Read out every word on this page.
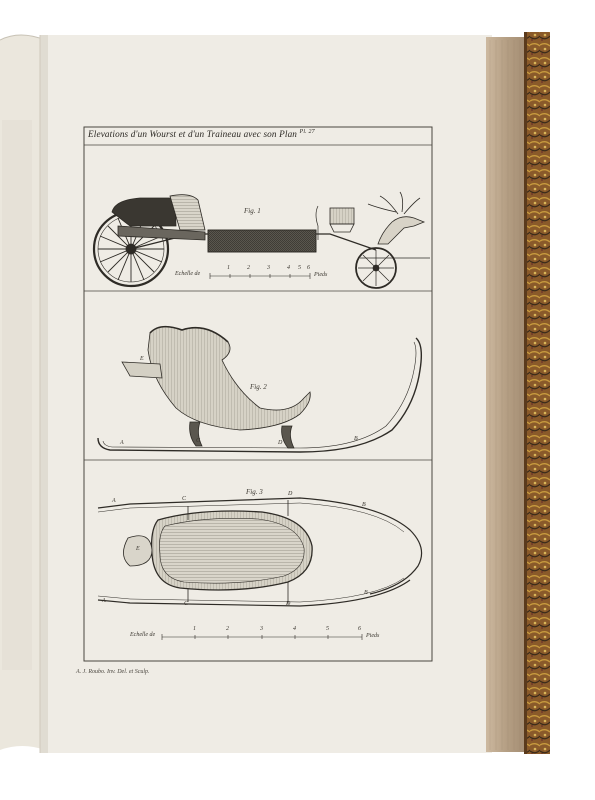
Elevations d'un Wourst et d'un Traineau avec son Plan $^{Pl. 27}$
Fig. 1
Fig. 2
Fig. 3
Echelle de	Pieds
1	2	3	4 5 6
Echelle de	Pieds
1	2	3	4	5	6
A
B
C	D
E
A	C
D
B
E
A	C	D
B
A. J. Roubo. Inv. Del. et Sculp.
